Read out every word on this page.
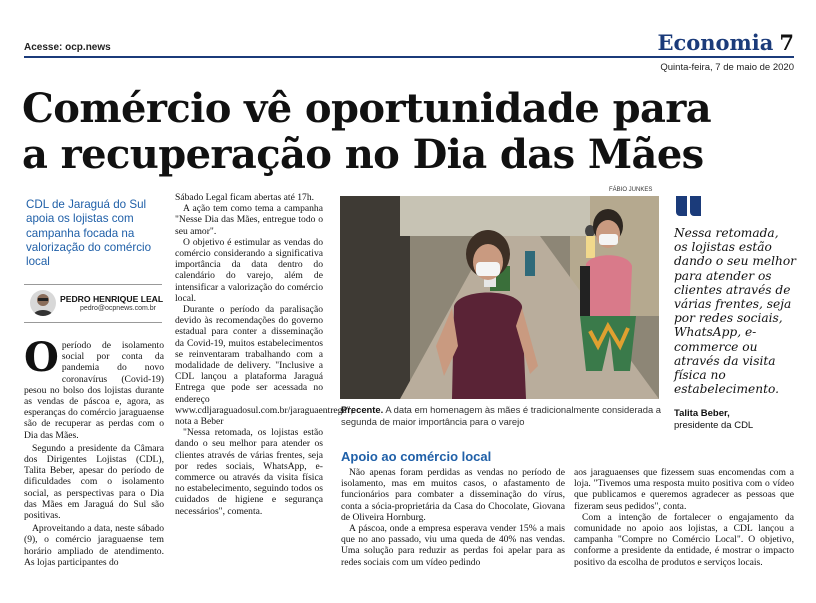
Acesse: ocp.news	Economia 7
Quinta-feira, 7 de maio de 2020
Comércio vê oportunidade para
a recuperação no Dia das Mães
CDL de Jaraguá do Sul apoia os lojistas com campanha focada na valorização do comércio local
PEDRO HENRIQUE LEAL
pedro@ocpnews.com.br

O período de isolamento social por conta da pandemia do novo coronavírus (Covid-19) pesou no bolso dos lojistas durante as vendas de páscoa e, agora, as esperanças do comércio jaraguaense são de recuperar as perdas com o Dia das Mães.

Segundo a presidente da Câmara dos Dirigentes Lojistas (CDL), Talita Beber, apesar do período de dificuldades com o isolamento social, as perspectivas para o Dia das Mães em Jaraguá do Sul são positivas.

Aproveitando a data, neste sábado (9), o comércio jaraguaense tem horário ampliado de atendimento. As lojas participantes do

Sábado Legal ficam abertas até 17h.

A ação tem como tema a campanha "Nesse Dia das Mães, entregue todo o seu amor".

O objetivo é estimular as vendas do comércio considerando a significativa importância da data dentro do calendário do varejo, além de intensificar a valorização do comércio local.

Durante o período da paralisação devido às recomendações do governo estadual para conter a disseminação da Covid-19, muitos estabelecimentos se reinventaram trabalhando com a modalidade de delivery. "Inclusive a CDL lançou a plataforma Jaraguá Entrega que pode ser acessada no endereço www.cdljaraguadosul.com.br/jaraguaentrega", nota a Beber

"Nessa retomada, os lojistas estão dando o seu melhor para atender os clientes através de várias frentes, seja por redes sociais, WhatsApp, e-commerce ou através da visita física no estabelecimento, seguindo todos os cuidados de higiene e segurança necessários", comenta.

FÁBIO JUNKES
Precente. A data em homenagem às mães é tradicionalmente considerada a segunda de maior importância para o varejo
Nessa retomada, os lojistas estão dando o seu melhor para atender os clientes através de várias frentes, seja por redes sociais, WhatsApp, e-commerce ou através da visita física no estabelecimento.
Talita Beber,
presidente da CDL
Apoio ao comércio local

Não apenas foram perdidas as vendas no período de isolamento, mas em muitos casos, o afastamento de funcionários para combater a disseminação do vírus, conta a sócia-proprietária da Casa do Chocolate, Giovana de Oliveira Hornburg.

A páscoa, onde a empresa esperava vender 15% a mais que no ano passado, viu uma queda de 40% nas vendas. Uma solução para reduzir as perdas foi apelar para as redes sociais com um vídeo pedindo

aos jaraguaenses que fizessem suas encomendas com a loja. "Tivemos uma resposta muito positiva com o vídeo que publicamos e queremos agradecer as pessoas que fizeram seus pedidos", conta.

Com a intenção de fortalecer o engajamento da comunidade no apoio aos lojistas, a CDL lançou a campanha "Compre no Comércio Local". O objetivo, conforme a presidente da entidade, é mostrar o impacto positivo da escolha de produtos e serviços locais.
